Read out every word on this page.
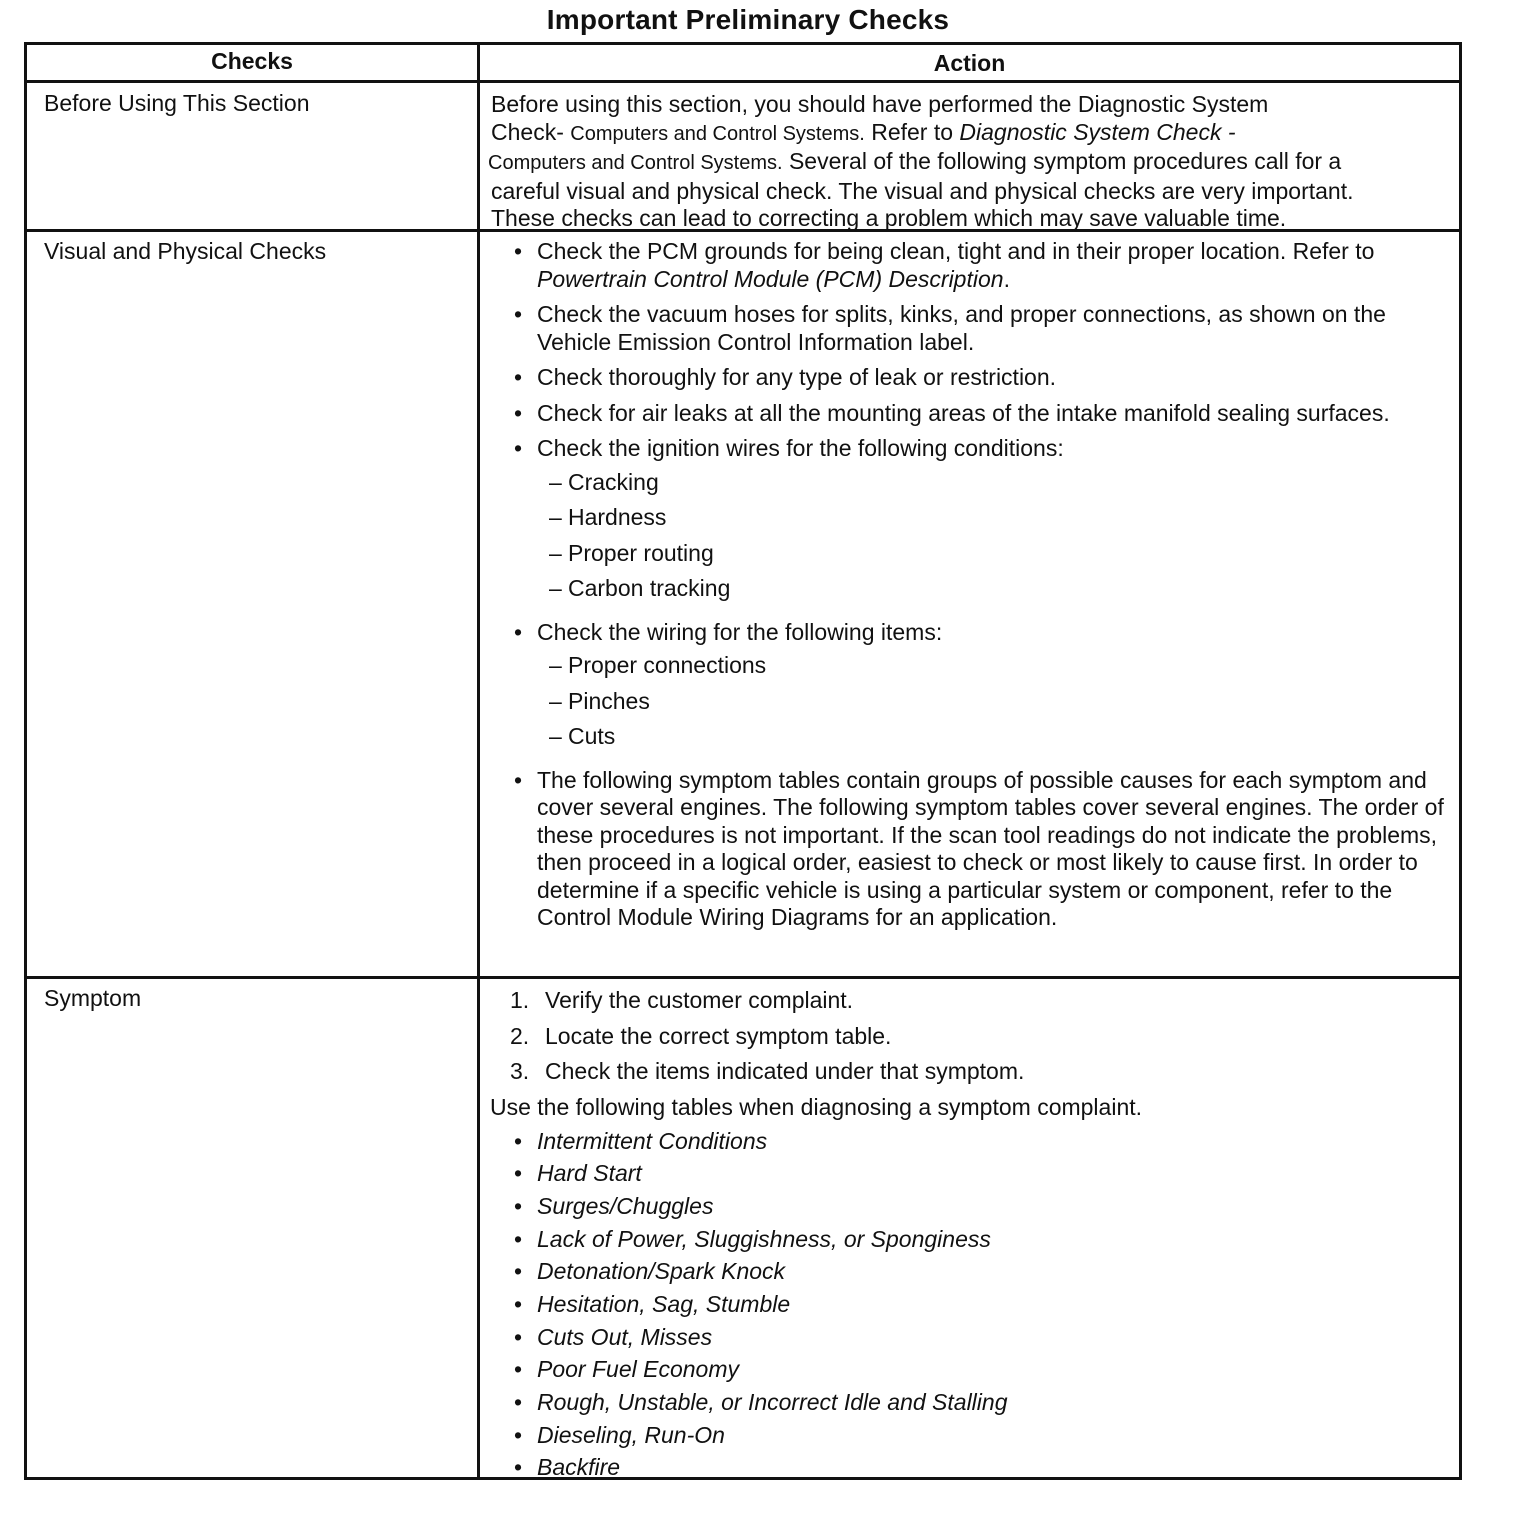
Important Preliminary Checks
Checks	Action
Before Using This Section	Before using this section, you should have performed the Diagnostic System
Check- Computers and Control Systems. Refer to Diagnostic System Check -
Computers and Control Systems. Several of the following symptom procedures call for a
careful visual and physical check. The visual and physical checks are very important.
These checks can lead to correcting a problem which may save valuable time.

Visual and Physical Checks	• Check the PCM grounds for being clean, tight and in their proper location. Refer to Powertrain Control Module (PCM) Description.
• Check the vacuum hoses for splits, kinks, and proper connections, as shown on the Vehicle Emission Control Information label.
• Check thoroughly for any type of leak or restriction.
• Check for air leaks at all the mounting areas of the intake manifold sealing surfaces.
• Check the ignition wires for the following conditions:
– Cracking
– Hardness
– Proper routing
– Carbon tracking
• Check the wiring for the following items:
– Proper connections
– Pinches
– Cuts
• The following symptom tables contain groups of possible causes for each symptom and cover several engines. The following symptom tables cover several engines. The order of these procedures is not important. If the scan tool readings do not indicate the problems, then proceed in a logical order, easiest to check or most likely to cause first. In order to determine if a specific vehicle is using a particular system or component, refer to the Control Module Wiring Diagrams for an application.
Symptom	1. Verify the customer complaint.
2. Locate the correct symptom table.
3. Check the items indicated under that symptom.
Use the following tables when diagnosing a symptom complaint.
• Intermittent Conditions
• Hard Start
• Surges/Chuggles
• Lack of Power, Sluggishness, or Sponginess
• Detonation/Spark Knock
• Hesitation, Sag, Stumble
• Cuts Out, Misses
• Poor Fuel Economy
• Rough, Unstable, or Incorrect Idle and Stalling
• Dieseling, Run-On
• Backfire
